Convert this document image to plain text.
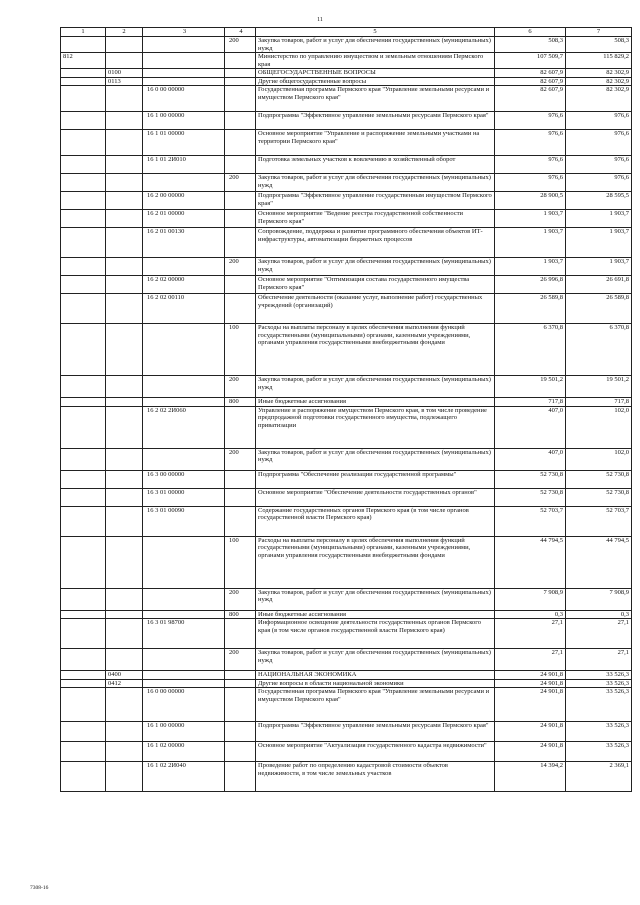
11
1	2	3	4	5	6	7
			200	Закупка товаров, работ и услуг для обеспечения государственных (муниципальных) нужд	508,3	508,3
812				Министерство по управлению имуществом и земельным отношениям Пермского края	107 509,7	115 829,2
	0100			ОБЩЕГОСУДАРСТВЕННЫЕ ВОПРОСЫ	82 607,9	82 302,9
	0113			Другие общегосударственные вопросы	82 607,9	82 302,9
		16 0 00 00000		Государственная программа Пермского края "Управление земельными ресурсами и имуществом Пермского края"	82 607,9	82 302,9
		16 1 00 00000		Подпрограмма "Эффективное управление земельными ресурсами Пермского края"	976,6	976,6
		16 1 01 00000		Основное мероприятие "Управление и распоряжение земельными участками на территории Пермского края"	976,6	976,6
		16 1 01 2И010		Подготовка земельных участков к вовлечению в хозяйственный оборот	976,6	976,6
			200	Закупка товаров, работ и услуг для обеспечения государственных (муниципальных) нужд	976,6	976,6
		16 2 00 00000		Подпрограмма "Эффективное управление государственным имуществом Пермского края"	28 900,5	28 595,5
		16 2 01 00000		Основное мероприятие "Ведение реестра государственной собственности Пермского края"	1 903,7	1 903,7
		16 2 01 00130		Сопровождение, поддержка и развитие программного обеспечения объектов ИТ-инфраструктуры, автоматизации бюджетных процессов	1 903,7	1 903,7
			200	Закупка товаров, работ и услуг для обеспечения государственных (муниципальных) нужд	1 903,7	1 903,7
		16 2 02 00000		Основное мероприятие "Оптимизация состава государственного имущества Пермского края"	26 996,8	26 691,8
		16 2 02 00110		Обеспечение деятельности (оказание услуг, выполнение работ) государственных учреждений (организаций)	26 589,8	26 589,8
			100	Расходы на выплаты персоналу в целях обеспечения выполнения функций государственными (муниципальными) органами, казенными учреждениями, органами управления государственными внебюджетными фондами	6 370,8	6 370,8
			200	Закупка товаров, работ и услуг для обеспечения государственных (муниципальных) нужд	19 501,2	19 501,2
			800	Иные бюджетные ассигнования	717,8	717,8
		16 2 02 2И060		Управление и распоряжение имуществом Пермского края, в том числе проведение предпродажной подготовки государственного имущества, подлежащего приватизации	407,0	102,0
			200	Закупка товаров, работ и услуг для обеспечения государственных (муниципальных) нужд	407,0	102,0
		16 3 00 00000		Подпрограмма "Обеспечение реализации государственной программы"	52 730,8	52 730,8
		16 3 01 00000		Основное мероприятие "Обеспечение деятельности государственных органов"	52 730,8	52 730,8
		16 3 01 00090		Содержание государственных органов Пермского края (в том числе органов государственной власти Пермского края)	52 703,7	52 703,7
			100	Расходы на выплаты персоналу в целях обеспечения выполнения функций государственными (муниципальными) органами, казенными учреждениями, органами управления государственными внебюджетными фондами	44 794,5	44 794,5
			200	Закупка товаров, работ и услуг для обеспечения государственных (муниципальных) нужд	7 908,9	7 908,9
			800	Иные бюджетные ассигнования	0,3	0,3
		16 3 01 98700		Информационное освещение деятельности государственных органов Пермского края (в том числе органов государственной власти Пермского края)	27,1	27,1
			200	Закупка товаров, работ и услуг для обеспечения государственных (муниципальных) нужд	27,1	27,1
	0400			НАЦИОНАЛЬНАЯ ЭКОНОМИКА	24 901,8	33 526,3
	0412			Другие вопросы в области национальной экономики	24 901,8	33 526,3
		16 0 00 00000		Государственная программа Пермского края "Управление земельными ресурсами и имуществом Пермского края"	24 901,8	33 526,3
		16 1 00 00000		Подпрограмма "Эффективное управление земельными ресурсами Пермского края"	24 901,8	33 526,3
		16 1 02 00000		Основное мероприятие "Актуализация государственного кадастра недвижимости"	24 901,8	33 526,3
		16 1 02 2И040		Проведение работ по определению кадастровой стоимости объектов недвижимости, в том числе земельных участков	14 394,2	2 369,1
7308-16
